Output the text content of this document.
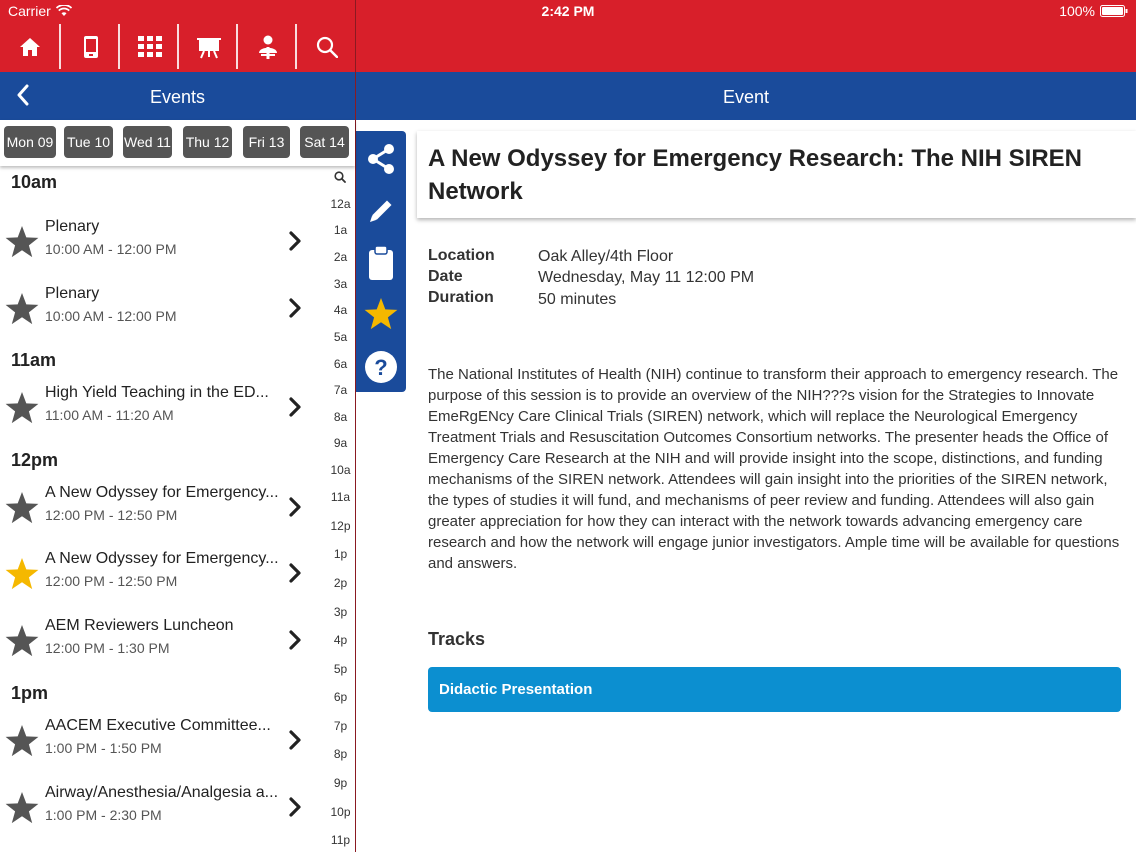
Carrier	2:42 PM	100%
Events	Event
Mon 09 Tue 10 Wed 11 Thu 12	Fri 13	Sat 14
10am
Plenary
10:00 AM - 12:00 PM
Plenary
10:00 AM - 12:00 PM
11am
High Yield Teaching in the ED...
11:00 AM - 11:20 AM
12pm
A New Odyssey for Emergency...
12:00 PM - 12:50 PM
A New Odyssey for Emergency...
12:00 PM - 12:50 PM
AEM Reviewers Luncheon
12:00 PM - 1:30 PM
1pm
AACEM Executive Committee...
1:00 PM - 1:50 PM
Airway/Anesthesia/Analgesia a...
1:00 PM - 2:30 PM
12a
1a
2a
3a
4a
5a
6a
7a
8a
9a
10a
11a
12p
1p
2p
3p
4p
5p
6p
7p
8p
9p
10p
11p
?
A New Odyssey for Emergency Research: The NIH SIREN Network
Location	Oak Alley/4th Floor
Date	Wednesday, May 11 12:00 PM
Duration	50 minutes
The National Institutes of Health (NIH) continue to transform their approach to emergency research. The purpose of this session is to provide an overview of the NIH???s vision for the Strategies to Innovate EmeRgENcy Care Clinical Trials (SIREN) network, which will replace the Neurological Emergency Treatment Trials and Resuscitation Outcomes Consortium networks. The presenter heads the Office of Emergency Care Research at the NIH and will provide insight into the scope, distinctions, and funding mechanisms of the SIREN network. Attendees will gain insight into the priorities of the SIREN network, the types of studies it will fund, and mechanisms of peer review and funding. Attendees will also gain greater appreciation for how they can interact with the network towards advancing emergency care research and how the network will engage junior investigators. Ample time will be available for questions and answers.
Tracks
Didactic Presentation
